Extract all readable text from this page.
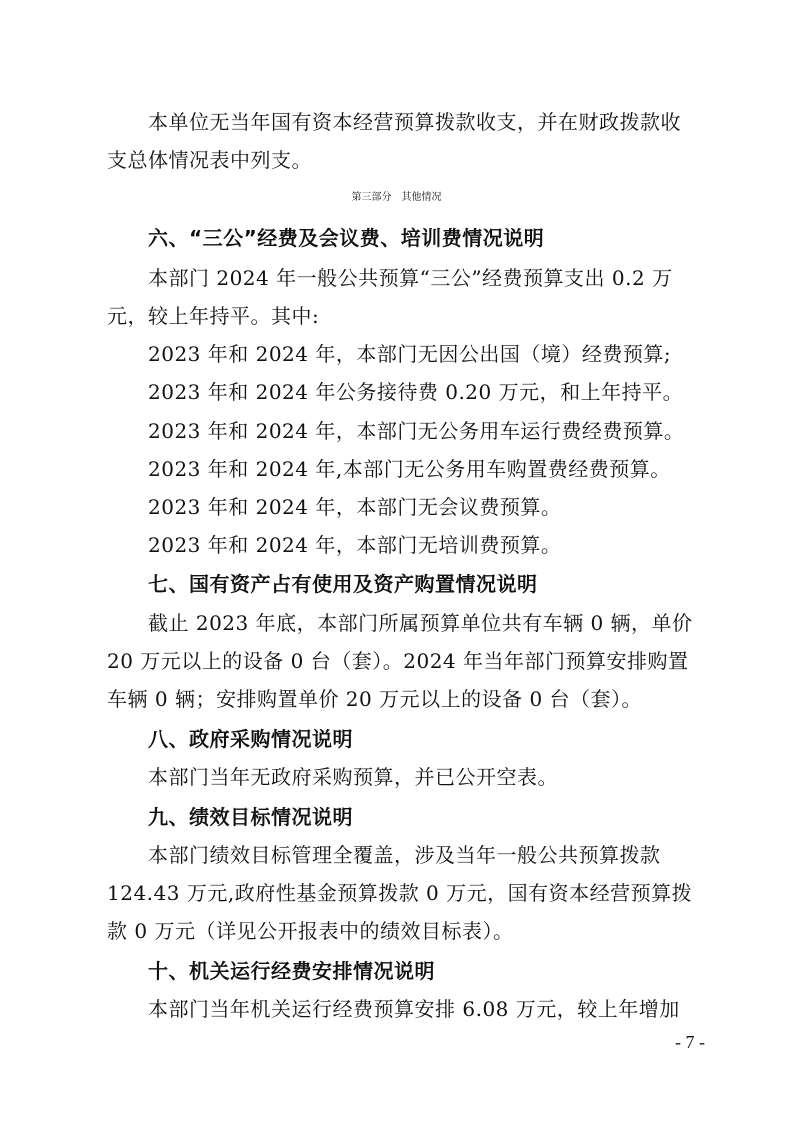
本单位无当年国有资本经营预算拨款收支，并在财政拨款收
支总体情况表中列支。
第三部分　其他情况
六、“三公”经费及会议费、培训费情况说明
本部门 2024 年一般公共预算“三公”经费预算支出 0.2 万
元，较上年持平。其中:
2023 年和 2024 年，本部门无因公出国（境）经费预算;
2023 年和 2024 年公务接待费 0.20 万元，和上年持平。
2023 年和 2024 年，本部门无公务用车运行费经费预算。
2023 年和 2024 年,本部门无公务用车购置费经费预算。
2023 年和 2024 年，本部门无会议费预算。
2023 年和 2024 年，本部门无培训费预算。
七、国有资产占有使用及资产购置情况说明
截止 2023 年底，本部门所属预算单位共有车辆 0 辆，单价
20 万元以上的设备 0 台（套）。2024 年当年部门预算安排购置
车辆 0 辆；安排购置单价 20 万元以上的设备 0 台（套）。
八、政府采购情况说明
本部门当年无政府采购预算，并已公开空表。
九、绩效目标情况说明
本部门绩效目标管理全覆盖，涉及当年一般公共预算拨款
124.43 万元,政府性基金预算拨款 0 万元，国有资本经营预算拨
款 0 万元（详见公开报表中的绩效目标表）。
十、机关运行经费安排情况说明
本部门当年机关运行经费预算安排 6.08 万元，较上年增加
- 7 -
